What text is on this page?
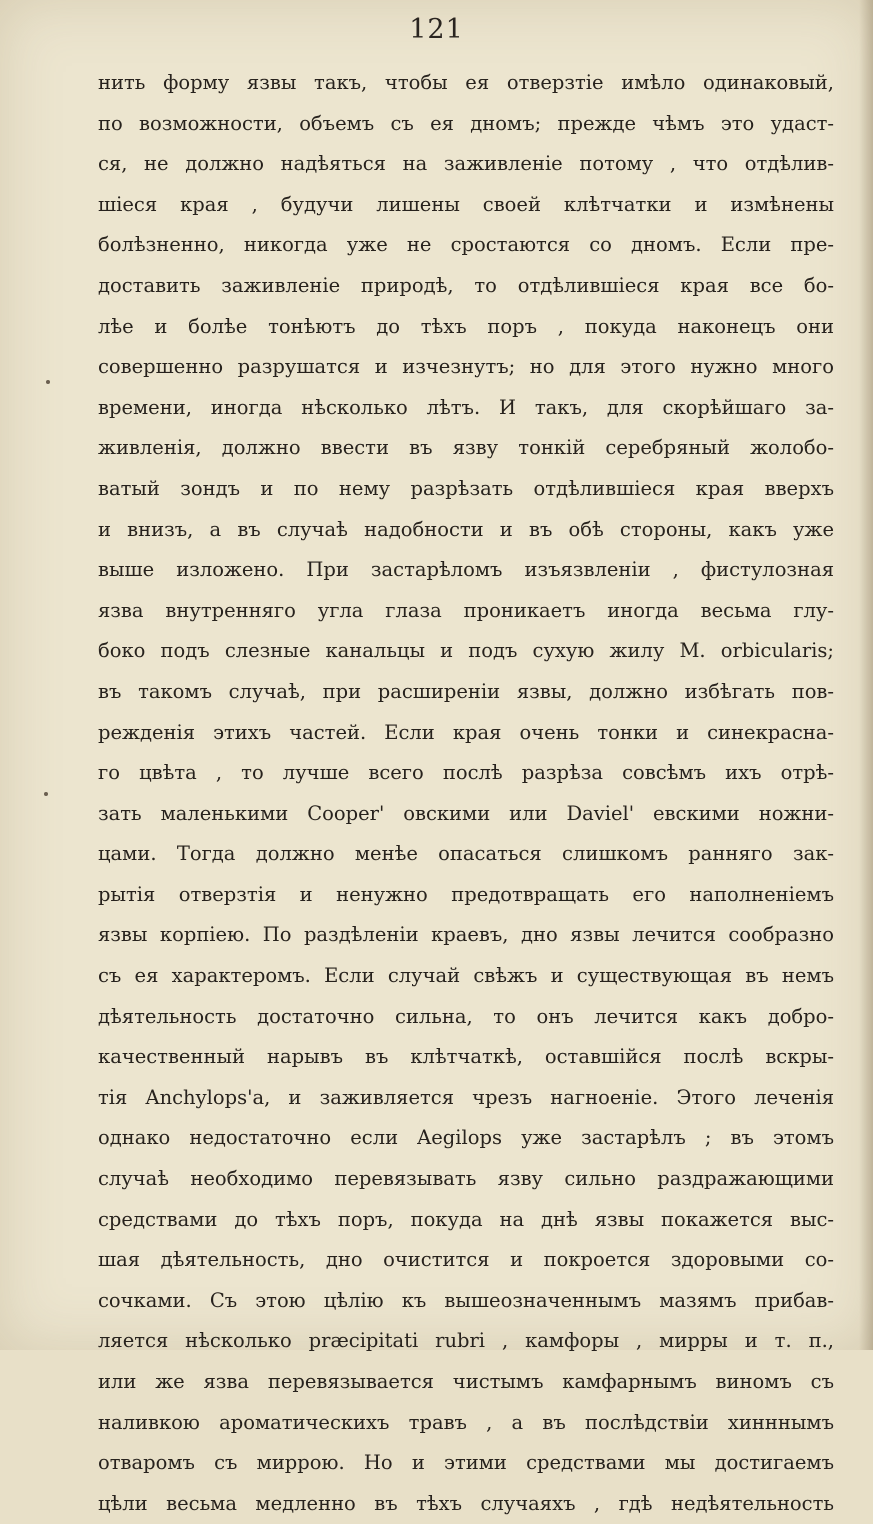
121
нить форму язвы такъ, чтобы ея отверзтіе имѣло одинаковый,
по возможности, объемъ съ ея дномъ; прежде чѣмъ это удаст-
ся, не должно надѣяться на заживленіе потому , что отдѣлив-
шіеся края , будучи лишены своей клѣтчатки и измѣнены
болѣзненно, никогда уже не сростаются со дномъ. Если пре-
доставить заживленіе природѣ, то отдѣлившіеся края все бо-
лѣе и болѣе тонѣютъ до тѣхъ поръ , покуда наконецъ они
совершенно разрушатся и изчезнутъ; но для этого нужно много
времени, иногда нѣсколько лѣтъ. И такъ, для скорѣйшаго за-
живленія, должно ввести въ язву тонкій серебряный жолобо-
ватый зондъ и по нему разрѣзать отдѣлившіеся края вверхъ
и внизъ, а въ случаѣ надобности и въ обѣ стороны, какъ уже
выше изложено. При застарѣломъ изъязвленіи , фистулозная
язва внутренняго угла глаза проникаетъ иногда весьма глу-
боко подъ слезные канальцы и подъ сухую жилу M. orbicularis;
въ такомъ случаѣ, при расширеніи язвы, должно избѣгать пов-
режденія этихъ частей. Если края очень тонки и синекрасна-
го цвѣта , то лучше всего послѣ разрѣза совсѣмъ ихъ отрѣ-
зать маленькими Cooper' овскими или Daviel' евскими ножни-
цами. Тогда должно менѣе опасаться слишкомъ ранняго зак-
рытія отверзтія и ненужно предотвращать его наполненіемъ
язвы корпіею. По раздѣленіи краевъ, дно язвы лечится сообразно
съ ея характеромъ. Если случай свѣжъ и существующая въ немъ
дѣятельность достаточно сильна, то онъ лечится какъ добро-
качественный нарывъ въ клѣтчаткѣ, оставшійся послѣ вскры-
тія Anchylops'a, и заживляется чрезъ нагноеніе. Этого леченія
однако недостаточно если Aegilops уже застарѣлъ ; въ этомъ
случаѣ необходимо перевязывать язву сильно раздражающими
средствами до тѣхъ поръ, покуда на днѣ язвы покажется выс-
шая дѣятельность, дно очистится и покроется здоровыми со-
сочками. Съ этою цѣлію къ вышеозначеннымъ мазямъ прибав-
ляется нѣсколько præcipitati rubri , камфоры , мирры и т. п.,
или же язва перевязывается чистымъ камфарнымъ виномъ съ
наливкою ароматическихъ травъ , а въ послѣдствіи хинннымъ
отваромъ съ миррою. Но и этими средствами мы достигаемъ
цѣли весьма медленно въ тѣхъ случаяхъ , гдѣ недѣятельность
